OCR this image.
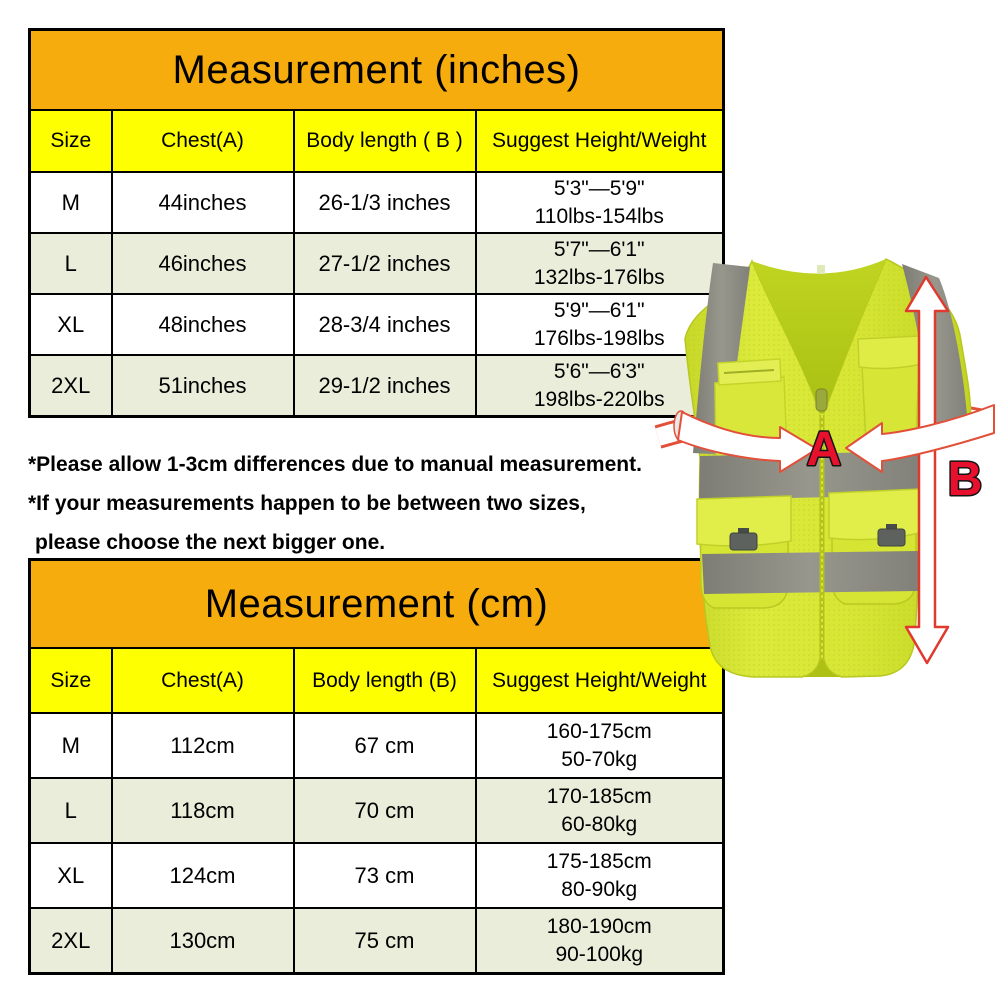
Measurement (inches)			
Size	Chest(A)	Body length ( B )	Suggest Height/Weight
M	44inches	26-1/3 inches	5'3"—5'9"
110lbs-154lbs

L	46inches	27-1/2 inches	5'7"—6'1"
132lbs-176lbs

XL	48inches	28-3/4 inches	5'9"—6'1"
176lbs-198lbs

2XL	51inches	29-1/2 inches	5'6"—6'3"
198lbs-220lbs
*Please allow 1-3cm differences due to manual measurement.
*If your measurements happen to be between two sizes,
please choose the next bigger one.
Measurement (cm)			
Size	Chest(A)	Body length (B)	Suggest Height/Weight
M	112cm	67 cm	160-175cm
50-70kg

L	118cm	70 cm	170-185cm
60-80kg

XL	124cm	73 cm	175-185cm
80-90kg

2XL	130cm	75 cm	180-190cm
90-100kg
A
B
